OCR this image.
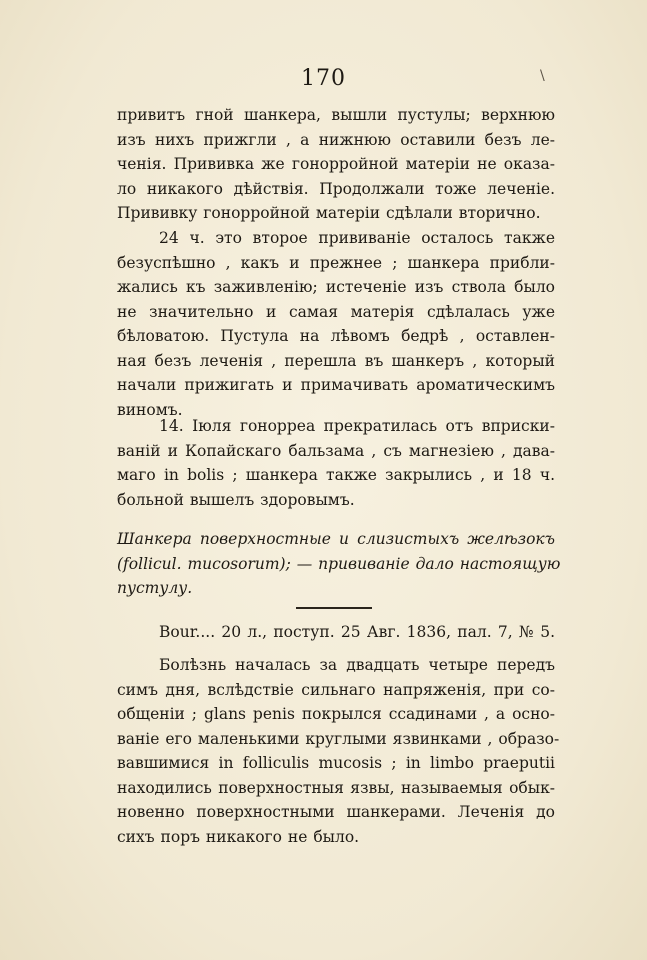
170	\
привитъ гной шанкера, вышли пустулы; верхнюю
изъ нихъ прижгли , а нижнюю оставили безъ ле-
ченія. Прививка же гонорройной матеріи не оказа-
ло никакого дѣйствія. Продолжали тоже леченіе.
Прививку гонорройной матеріи сдѣлали вторично.
24 ч. это второе прививаніе осталось также
безуспѣшно , какъ и прежнее ; шанкера прибли-
жались къ заживленію; истеченіе изъ ствола было
не значительно и самая матерія сдѣлалась уже
бѣловатою. Пустула на лѣвомъ бедрѣ , оставлен-
ная безъ леченія , перешла въ шанкеръ , который
начали прижигать и примачивать ароматическимъ
виномъ.
14. Іюля гонорреа прекратилась отъ вприски-
ваній и Копайскаго бальзама , съ магнезіею , дава-
маго in bolis ; шанкера также закрылись , и 18 ч.
больной вышелъ здоровымъ.
Шанкера поверхностные и слизистыхъ желѣзокъ
(follicul. mucosorum); — прививаніе дало настоящую
пустулу.
Bour.... 20 л., поступ. 25 Авг. 1836, пал. 7, № 5.
Болѣзнь началась за двадцать четыре передъ
симъ дня, вслѣдствіе сильнаго напряженія, при со-
общеніи ; glans penis покрылся ссадинами , а осно-
ваніе его маленькими круглыми язвинками , образо-
вавшимися in folliculis mucosis ; in limbo praeputii
находились поверхностныя язвы, называемыя обык-
новенно поверхностными шанкерами. Леченія до
сихъ поръ никакого не было.
